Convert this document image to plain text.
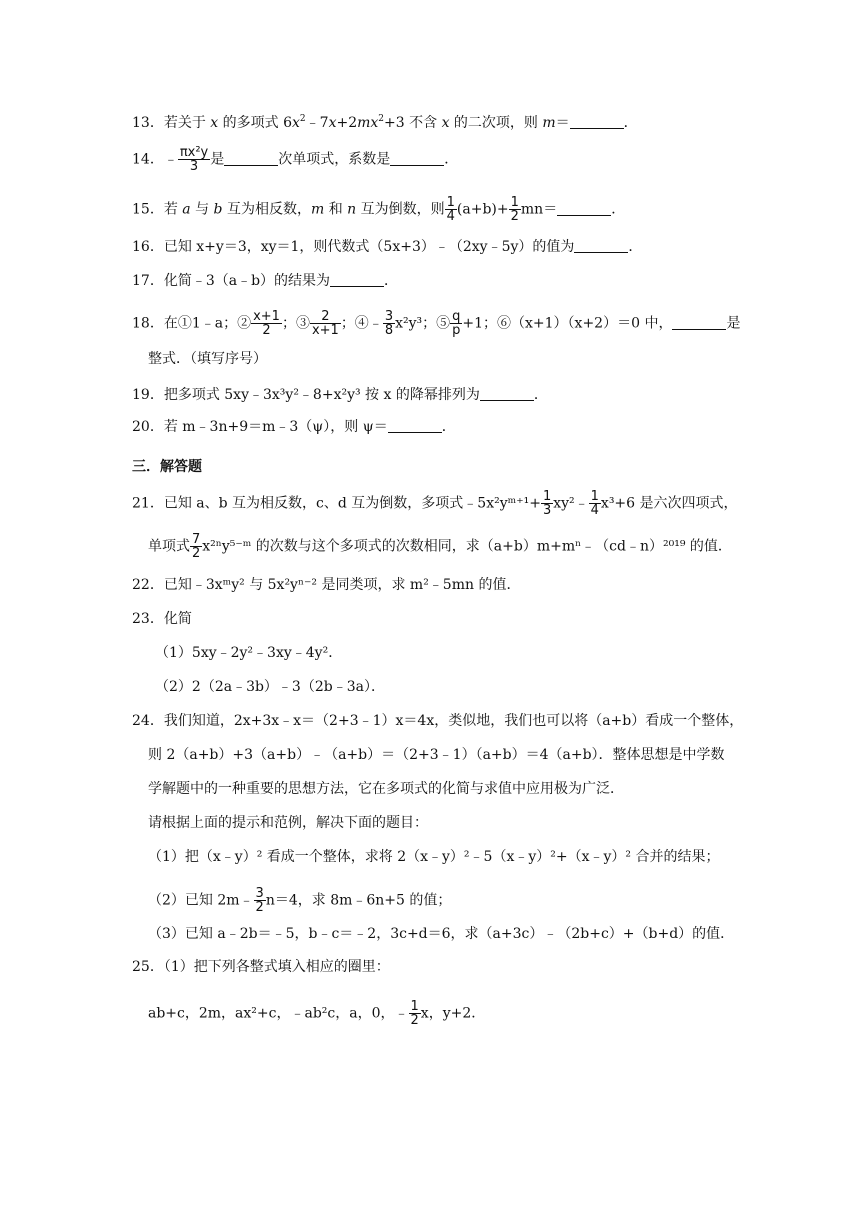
13．若关于 x 的多项式 $6x^2﹣7x+2mx^2+3$ 不含 x 的二次项，则 m＝	．
14．﹣ $\frac{\text{πx²y}}{3}$ 是	次单项式，系数是	．
15．若 a 与 b 互为相反数，m 和 n 互为倒数，则 $\frac{1}{4} (a+b)+ \frac{1}{2} mn=$	．
16．已知 x+y＝3，xy＝1，则代数式（5x+3）﹣（2xy﹣5y）的值为	．
17．化简﹣3（a﹣b）的结果为	．
18．在①1﹣a；② $\frac{x+1}{2}$ ；③ $\frac{2}{x+1}$ ；④﹣ $\frac{3}{8} x^2y^3$；⑤ $\frac{q}{p} +1$；⑥（x+1）（x+2）＝0 中，	是
整式．（填写序号）
19．把多项式 5xy﹣3x³y²﹣8+x²y³ 按 x 的降幂排列为	．
20．若 m﹣3n+9＝m﹣3（ψ），则 ψ＝	．
三．解答题
21．已知 a、b 互为相反数，c、d 互为倒数，多项式﹣5x²yᵐ⁺¹+ $\frac{1}{3}$ xy²﹣ $\frac{1}{4} x^3+6$ 是六次四项式，
单项式 $\frac{7}{2}$ x²ⁿy⁵⁻ᵐ 的次数与这个多项式的次数相同，求（a+b）m+mⁿ﹣（cd﹣n）²⁰¹⁹ 的值．
22．已知﹣3xᵐy² 与 5x²yⁿ⁻² 是同类项，求 m²﹣5mn 的值．
23．化简
（1）5xy﹣2y²﹣3xy﹣4y²．
（2）2（2a﹣3b）﹣3（2b﹣3a）．
24．我们知道，2x+3x﹣x＝（2+3﹣1）x＝4x，类似地，我们也可以将（a+b）看成一个整体，
则 2（a+b）+3（a+b）﹣（a+b）＝（2+3﹣1）（a+b）＝4（a+b）．整体思想是中学数
学解题中的一种重要的思想方法，它在多项式的化简与求值中应用极为广泛．
请根据上面的提示和范例，解决下面的题目：
（1）把（x﹣y）² 看成一个整体，求将 2（x﹣y）²﹣5（x﹣y）²+（x﹣y）² 合并的结果；
（2）已知 2m﹣ $\frac{3}{2} n=4$，求 8m﹣6n+5 的值；
（3）已知 a﹣2b＝﹣5，b﹣c＝﹣2，3c+d＝6，求（a+3c）﹣（2b+c）+（b+d）的值．
25．（1）把下列各整式填入相应的圈里：
ab+c，2m，ax²+c，﹣ab²c，a，0，﹣ $\frac{1}{2}$ x，y+2．
